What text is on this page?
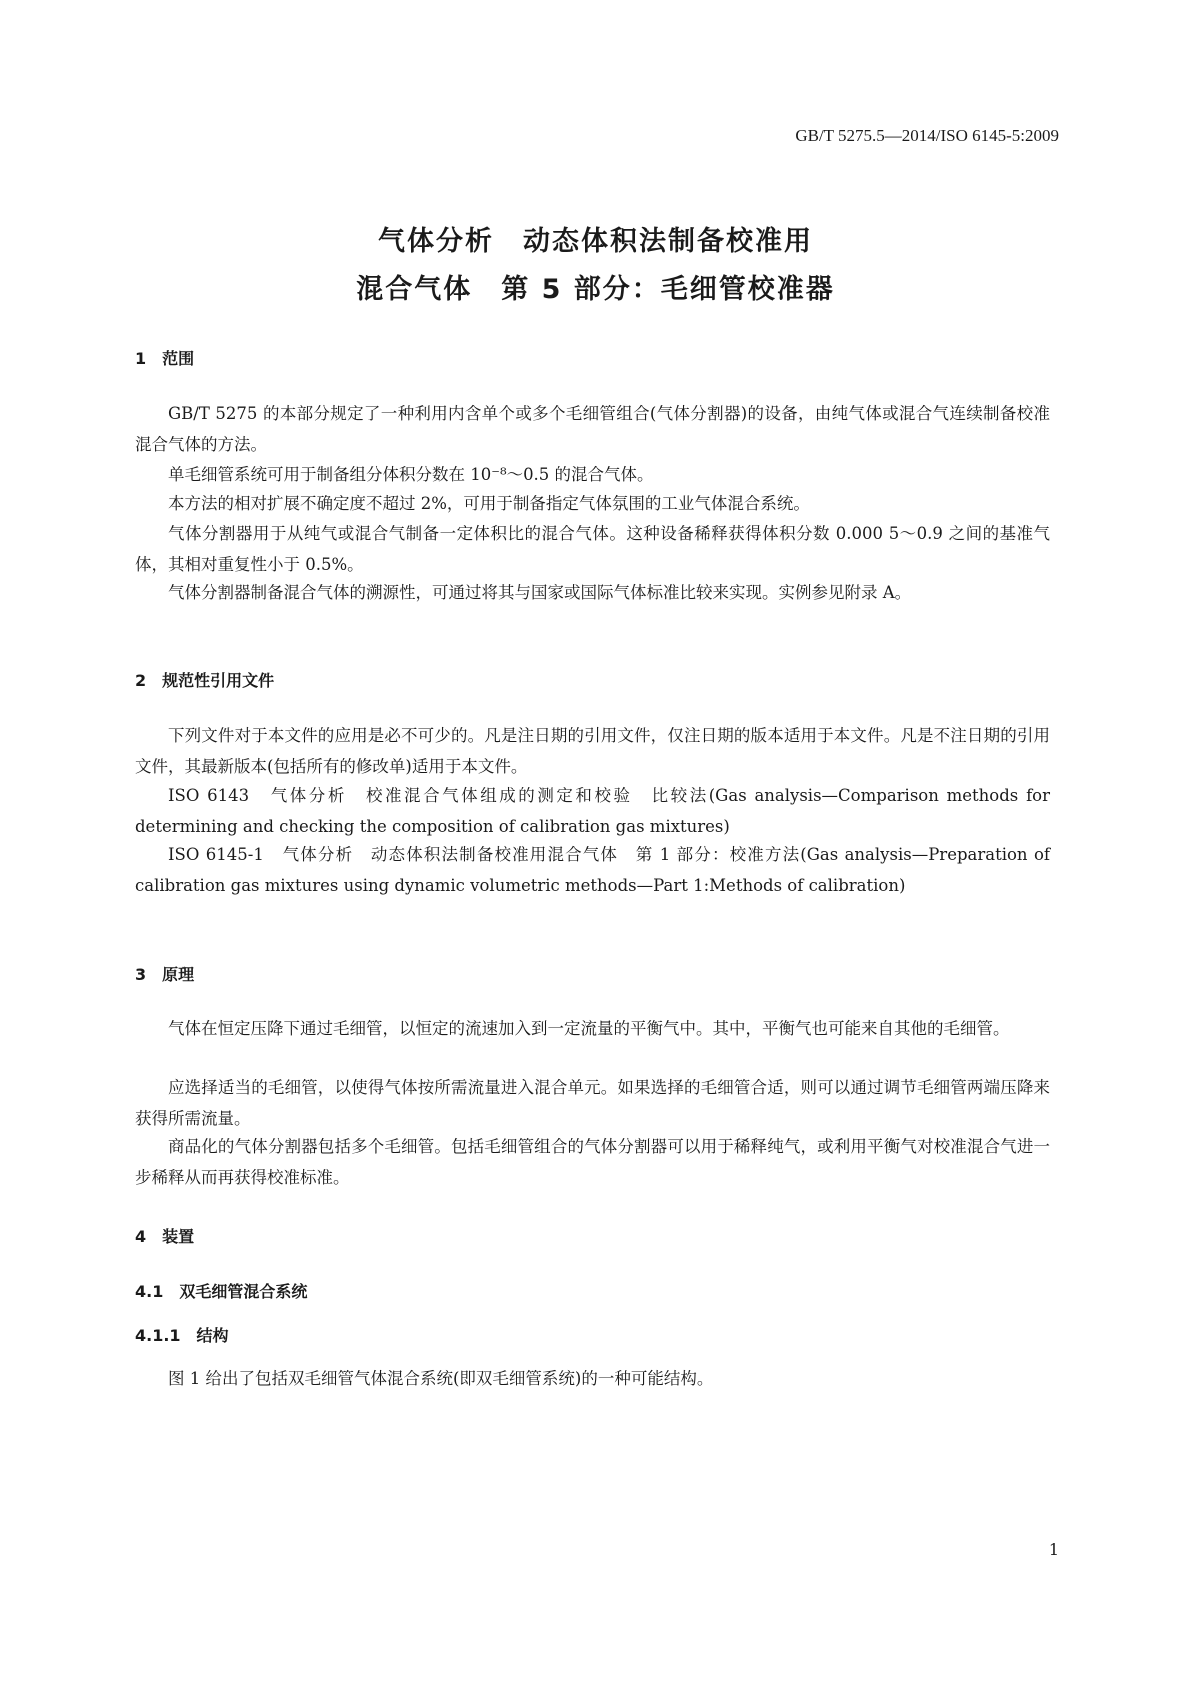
GB/T 5275.5—2014/ISO 6145-5:2009
气体分析　动态体积法制备校准用
混合气体　第 5 部分：毛细管校准器
1　范围

GB/T 5275 的本部分规定了一种利用内含单个或多个毛细管组合(气体分割器)的设备，由纯气体或混合气连续制备校准混合气体的方法。

单毛细管系统可用于制备组分体积分数在 10⁻⁸～0.5 的混合气体。

本方法的相对扩展不确定度不超过 2%，可用于制备指定气体氛围的工业气体混合系统。

气体分割器用于从纯气或混合气制备一定体积比的混合气体。这种设备稀释获得体积分数 0.000 5～0.9 之间的基准气体，其相对重复性小于 0.5%。

气体分割器制备混合气体的溯源性，可通过将其与国家或国际气体标准比较来实现。实例参见附录 A。

2　规范性引用文件

下列文件对于本文件的应用是必不可少的。凡是注日期的引用文件，仅注日期的版本适用于本文件。凡是不注日期的引用文件，其最新版本(包括所有的修改单)适用于本文件。

ISO 6143　气体分析　校准混合气体组成的测定和校验　比较法(Gas analysis—Comparison methods for determining and checking the composition of calibration gas mixtures)

ISO 6145-1　气体分析　动态体积法制备校准用混合气体　第 1 部分：校准方法(Gas analysis—Preparation of calibration gas mixtures using dynamic volumetric methods—Part 1:Methods of calibration)

3　原理

气体在恒定压降下通过毛细管，以恒定的流速加入到一定流量的平衡气中。其中，平衡气也可能来自其他的毛细管。

应选择适当的毛细管，以使得气体按所需流量进入混合单元。如果选择的毛细管合适，则可以通过调节毛细管两端压降来获得所需流量。

商品化的气体分割器包括多个毛细管。包括毛细管组合的气体分割器可以用于稀释纯气，或利用平衡气对校准混合气进一步稀释从而再获得校准标准。

4　装置
4.1　双毛细管混合系统
4.1.1　结构

图 1 给出了包括双毛细管气体混合系统(即双毛细管系统)的一种可能结构。

1
